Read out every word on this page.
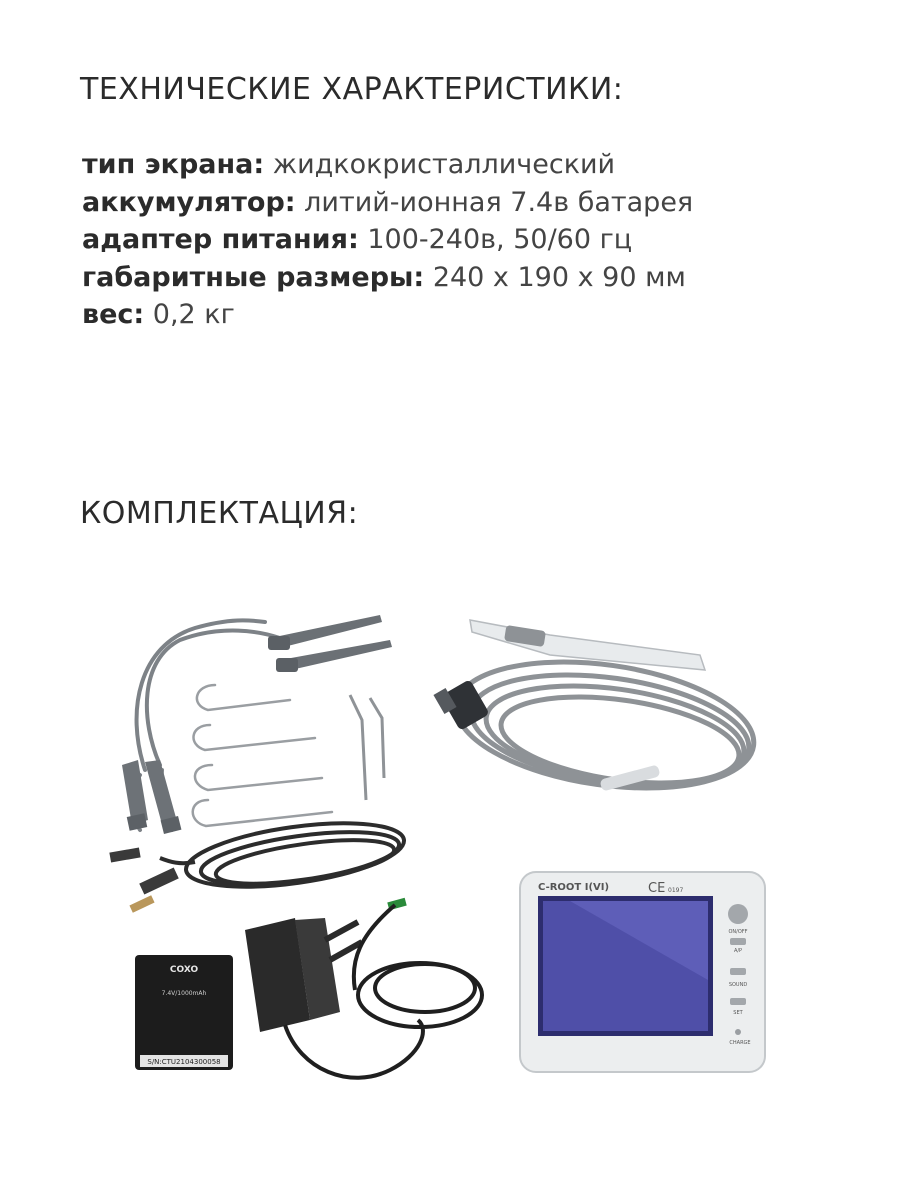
ТЕХНИЧЕСКИЕ ХАРАКТЕРИСТИКИ:
тип экрана: жидкокристаллический
аккумулятор: литий-ионная 7.4в батарея
адаптер питания: 100-240в, 50/60 гц
габаритные размеры: 240 х 190 х 90 мм
вес: 0,2 кг
КОМПЛЕКТАЦИЯ:
COXO
7.4V/1000mAh
S/N:CTU2104300058
C-ROOT I(VI)	CE 0197
ON/OFF
A/P
SOUND
SET
CHARGE
